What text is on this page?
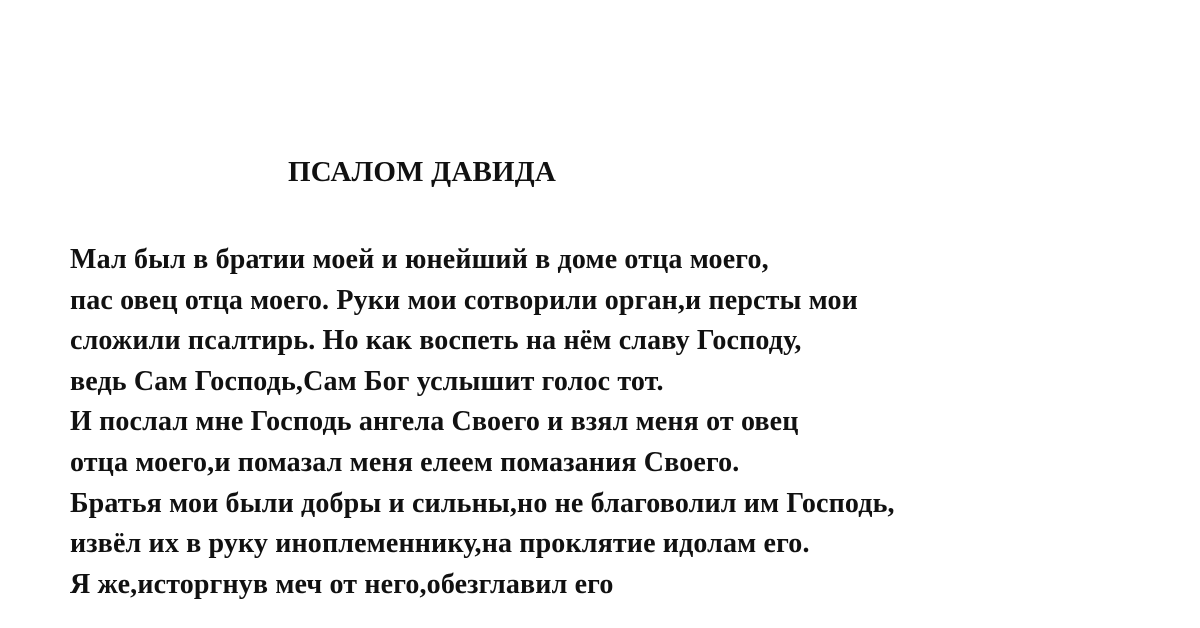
ПСАЛОМ ДАВИДА
Мал был в братии моей и юнейший в доме отца моего,
пас овец отца моего. Руки мои сотворили орган,и персты мои
сложили псалтирь. Но как воспеть на нём славу Господу,
ведь Сам Господь,Сам Бог услышит голос тот.
И послал мне Господь ангела Своего и взял меня от овец
отца моего,и помазал меня елеем помазания Своего.
Братья мои были добры и сильны,но не благоволил им Господь,
извёл их в руку иноплеменнику,на проклятие идолам его.
Я же,исторгнув меч от него,обезглавил его
